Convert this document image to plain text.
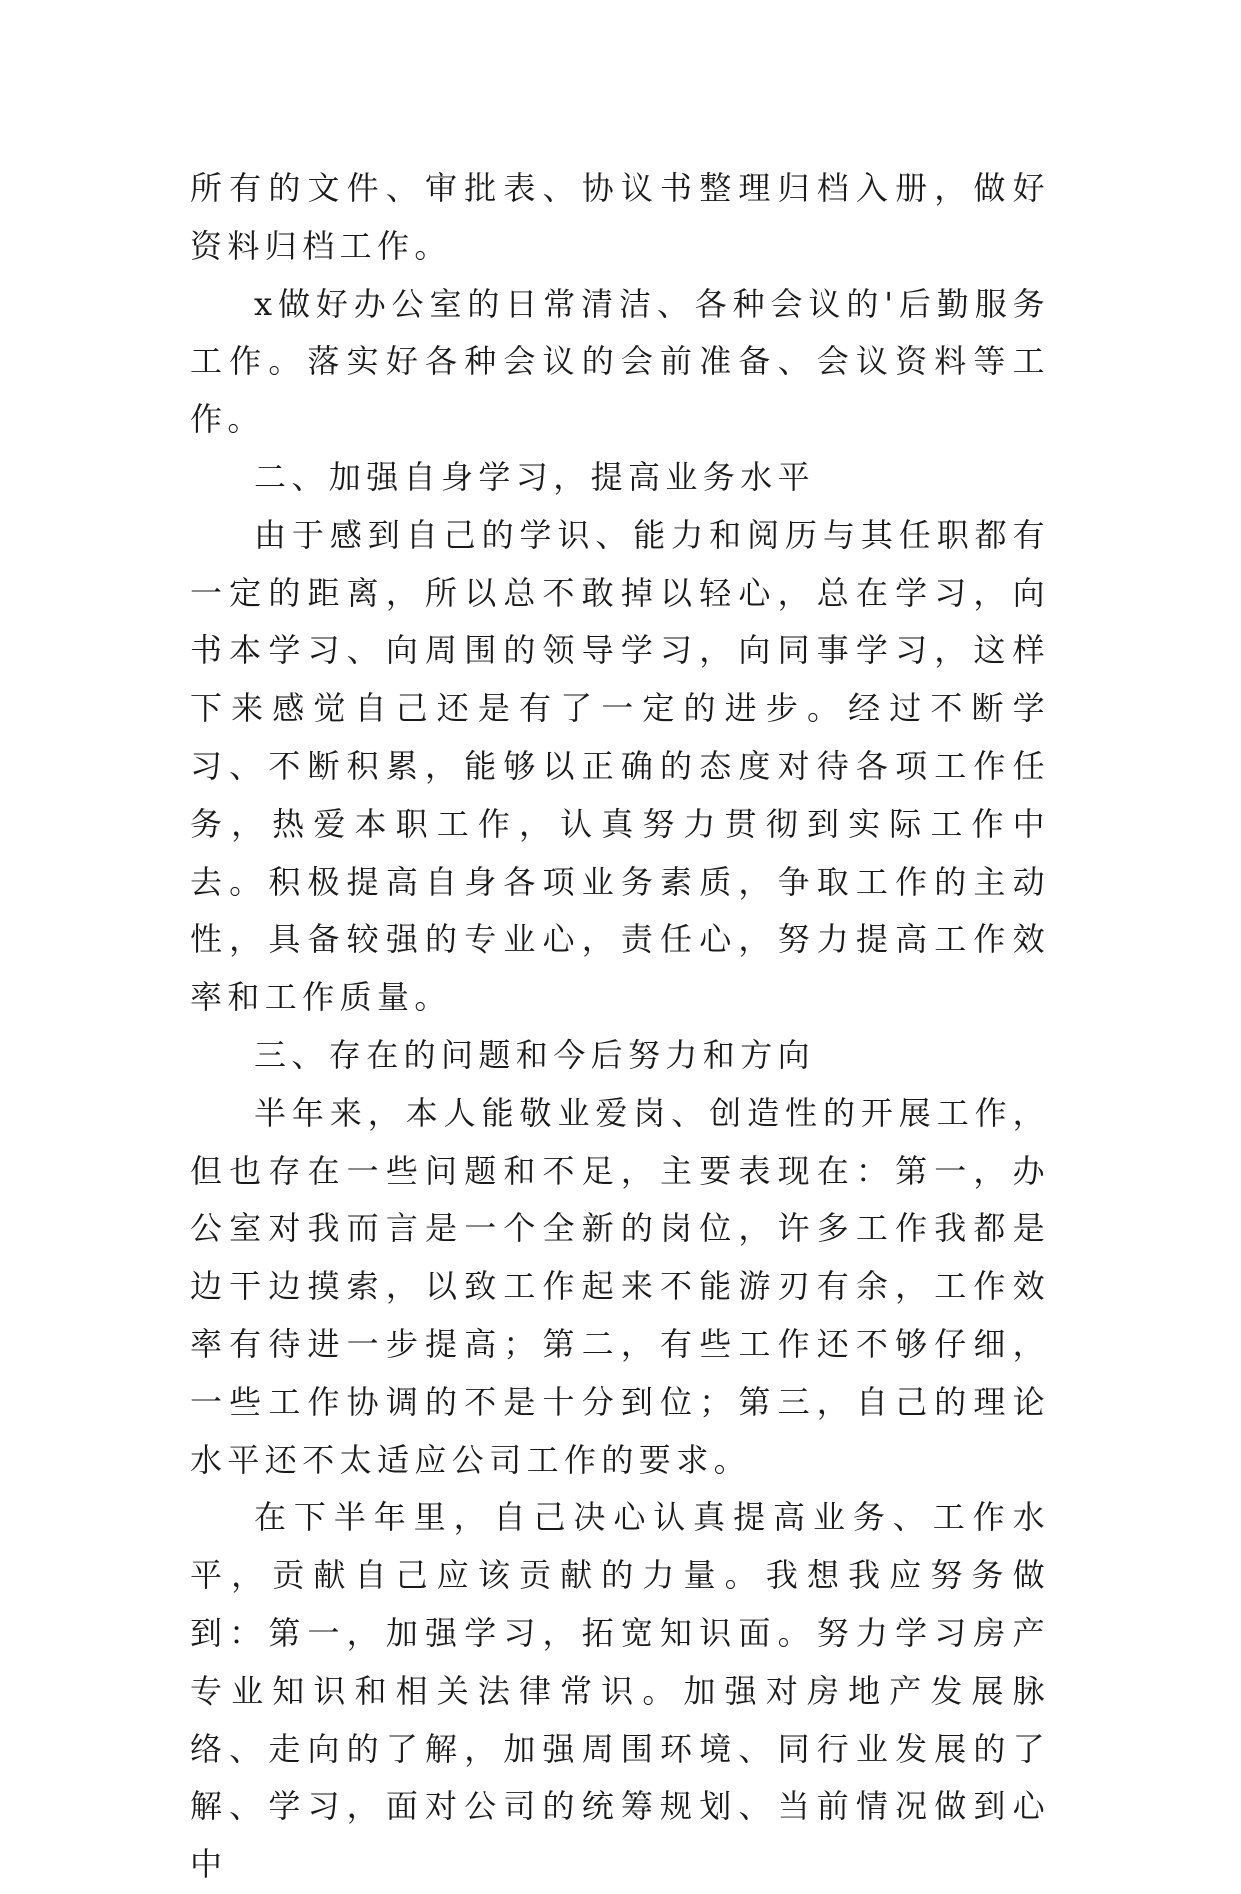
所有的文件、审批表、协议书整理归档入册，做好资料归档工作。

x做好办公室的日常清洁、各种会议的'后勤服务工作。落实好各种会议的会前准备、会议资料等工作。

二、加强自身学习，提高业务水平

由于感到自己的学识、能力和阅历与其任职都有一定的距离，所以总不敢掉以轻心，总在学习，向书本学习、向周围的领导学习，向同事学习，这样下来感觉自己还是有了一定的进步。经过不断学习、不断积累，能够以正确的态度对待各项工作任务，热爱本职工作，认真努力贯彻到实际工作中去。积极提高自身各项业务素质，争取工作的主动性，具备较强的专业心，责任心，努力提高工作效率和工作质量。

三、存在的问题和今后努力和方向

半年来，本人能敬业爱岗、创造性的开展工作，但也存在一些问题和不足，主要表现在：第一，办公室对我而言是一个全新的岗位，许多工作我都是边干边摸索，以致工作起来不能游刃有余，工作效率有待进一步提高；第二，有些工作还不够仔细，一些工作协调的不是十分到位；第三，自己的理论水平还不太适应公司工作的要求。

在下半年里，自己决心认真提高业务、工作水平，贡献自己应该贡献的力量。我想我应努务做到：第一，加强学习，拓宽知识面。努力学习房产专业知识和相关法律常识。加强对房地产发展脉络、走向的了解，加强周围环境、同行业发展的了解、学习，面对公司的统筹规划、当前情况做到心中
